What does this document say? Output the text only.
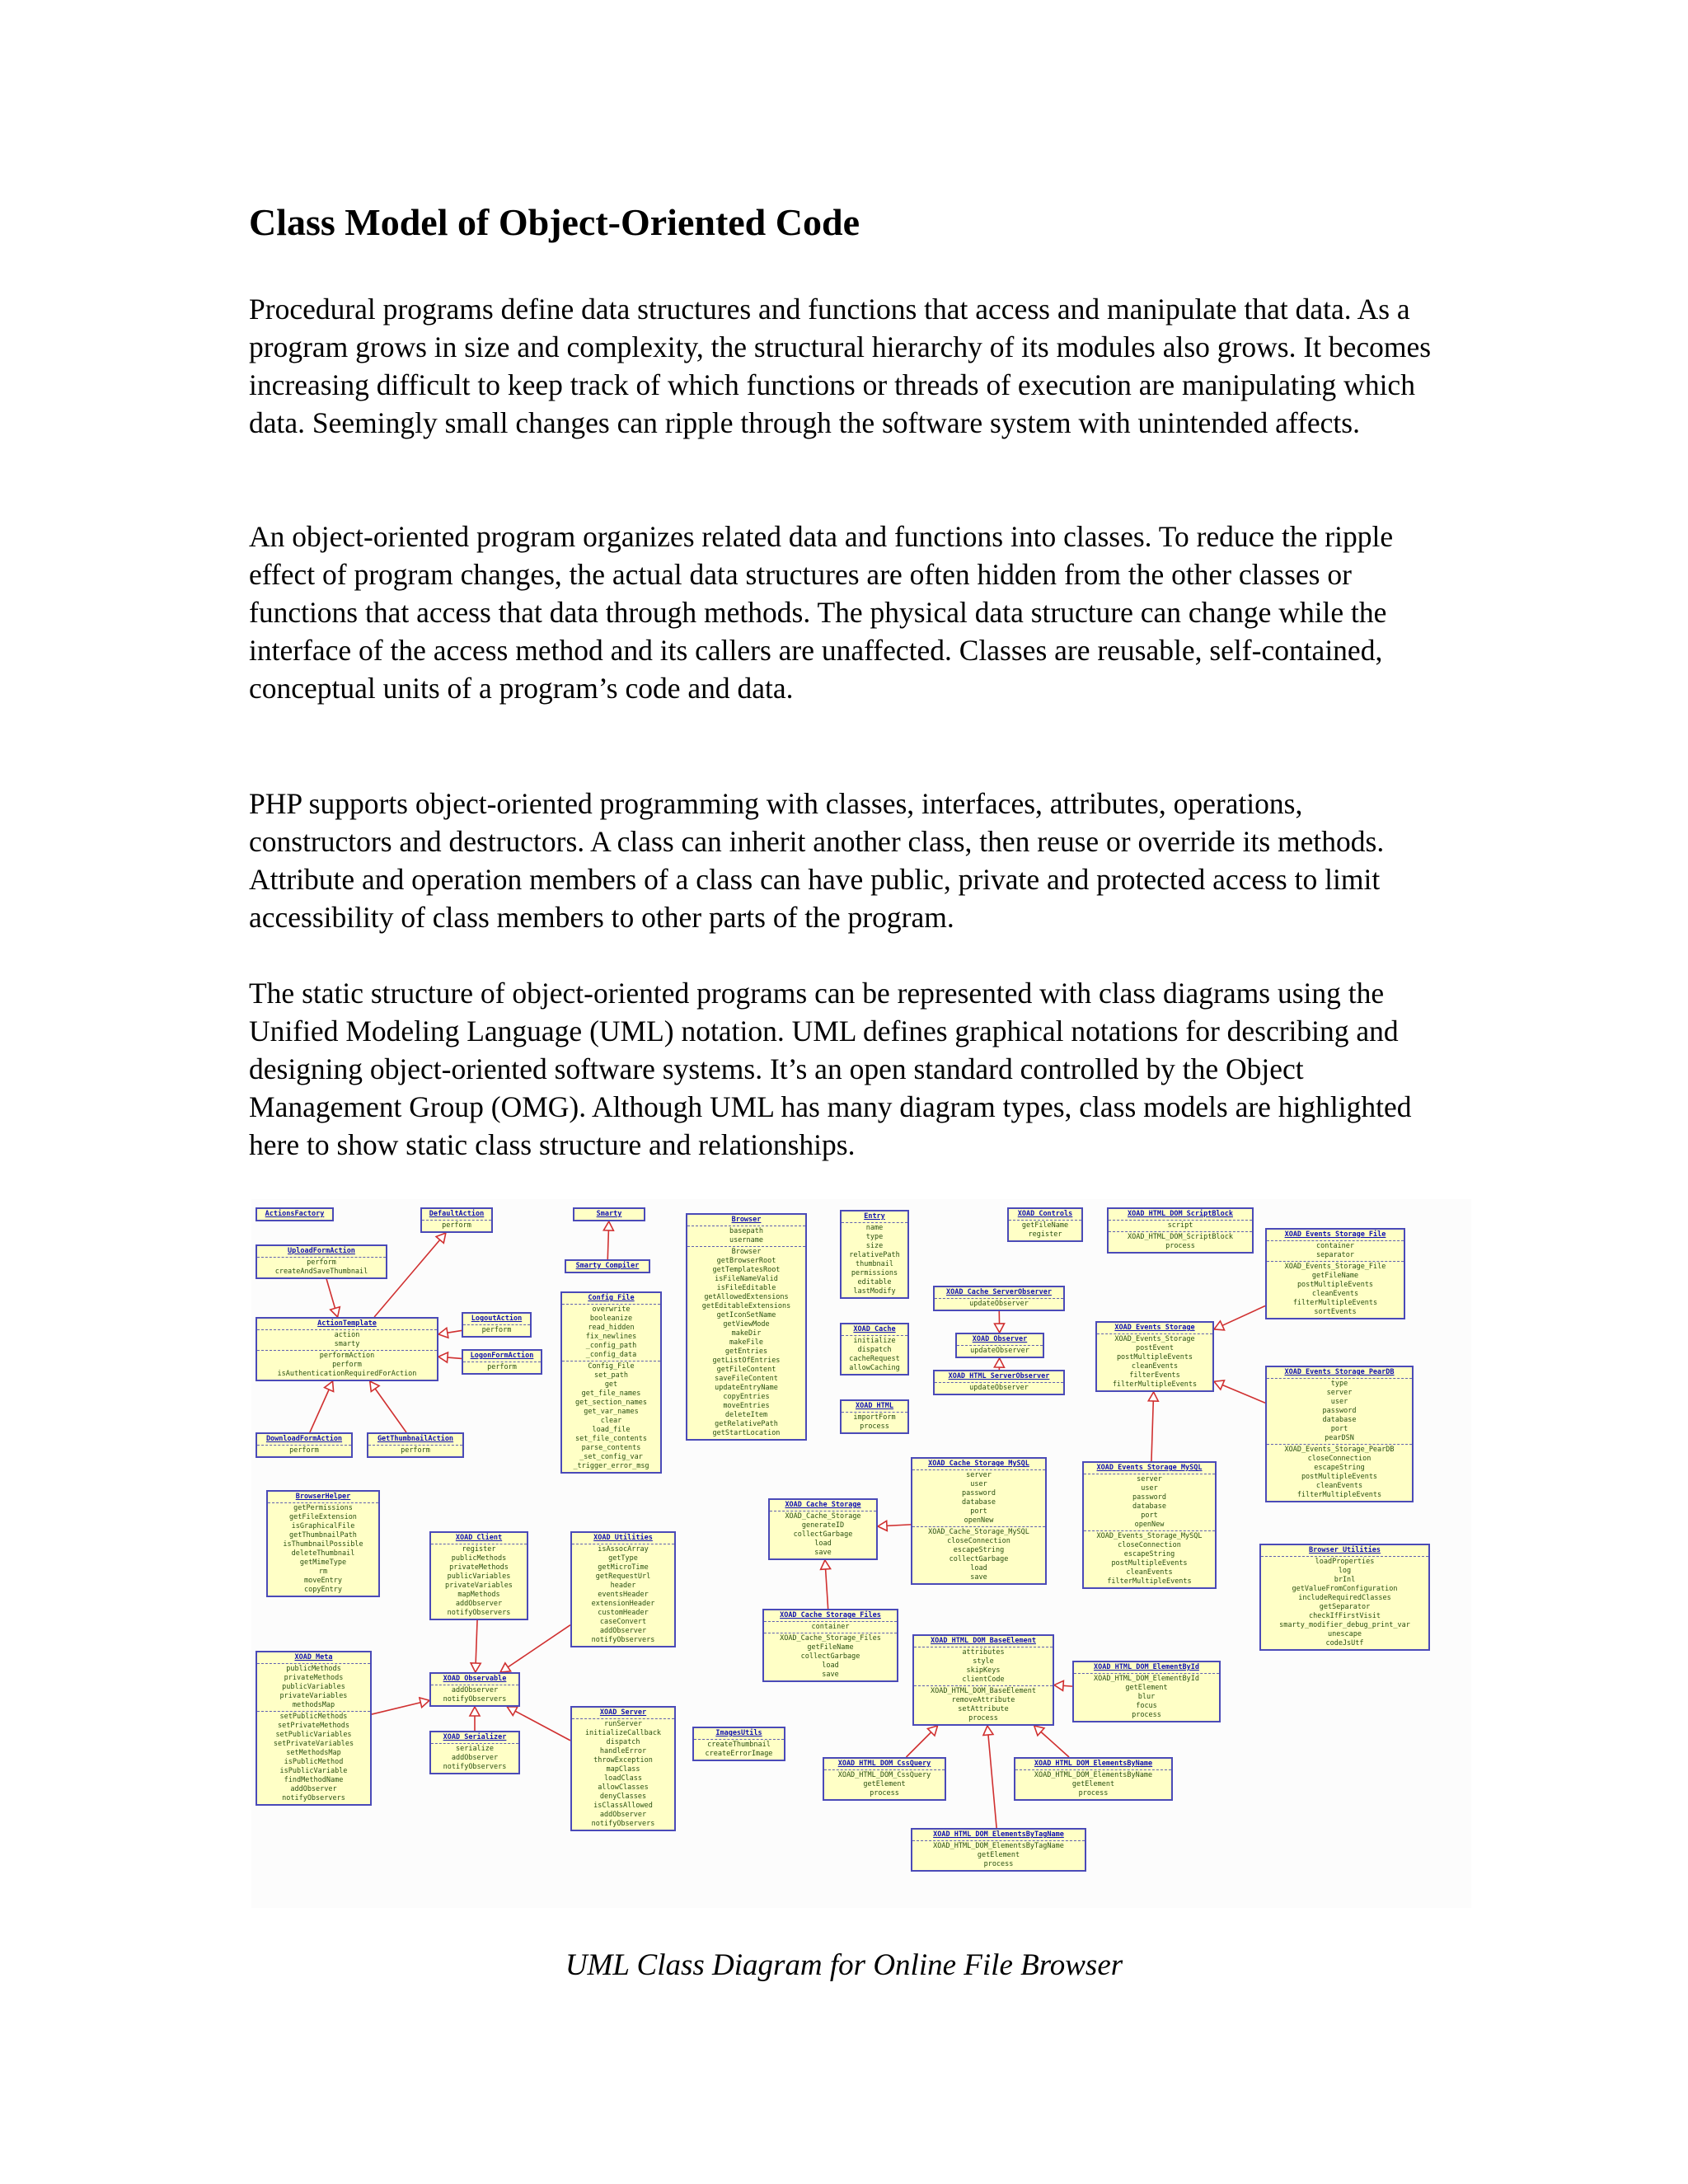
Class Model of Object-Oriented Code

Procedural programs define data structures and functions that access and manipulate that data. As a program grows in size and complexity, the structural hierarchy of its modules also grows. It becomes increasing difficult to keep track of which functions or threads of execution are manipulating which data. Seemingly small changes can ripple through the software system with unintended affects.

An object-oriented program organizes related data and functions into classes. To reduce the ripple effect of program changes, the actual data structures are often hidden from the other classes or functions that access that data through methods. The physical data structure can change while the interface of the access method and its callers are unaffected. Classes are reusable, self-contained, conceptual units of a program’s code and data.

PHP supports object-oriented programming with classes, interfaces, attributes, operations, constructors and destructors. A class can inherit another class, then reuse or override its methods. Attribute and operation members of a class can have public, private and protected access to limit accessibility of class members to other parts of the program.

The static structure of object-oriented programs can be represented with class diagrams using the Unified Modeling Language (UML) notation. UML defines graphical notations for describing and designing object-oriented software systems. It’s an open standard controlled by the Object Management Group (OMG). Although UML has many diagram types, class models are highlighted here to show static class structure and relationships.

ActionsFactory	DefaultAction
perform
UploadFormAction
perform
createAndSaveThumbnail
ActionTemplate
action
smarty
performAction
perform
isAuthenticationRequiredForAction
LogoutAction
perform
LogonFormAction
perform
DownloadFormAction
perform
GetThumbnailAction
perform
Smarty
Smarty_Compiler
Config_File
overwrite
booleanize
read_hidden
fix_newlines
_config_path
_config_data
Config_File
set_path
get
get_file_names
get_section_names
get_var_names
clear
load_file
set_file_contents
parse_contents
_set_config_var
_trigger_error_msg
Browser
basepath
username
Browser
getBrowserRoot
getTemplatesRoot
isFileNameValid
isFileEditable
getAllowedExtensions
getEditableExtensions
getIconSetName
getViewMode
makeDir
makeFile
getEntries
getListOfEntries
getFileContent
saveFileContent
updateEntryName
copyEntries
moveEntries
deleteItem
getRelativePath
getStartLocation
Entry
name
type
size
relativePath
thumbnail
permissions
editable
lastModify
XOAD_Cache
initialize
dispatch
cacheRequest
allowCaching
XOAD_HTML
importForm
process
XOAD_Controls
getFileName
register
XOAD_Cache_ServerObserver
updateObserver
XOAD_Observer
updateObserver
XOAD_HTML_ServerObserver
updateObserver
XOAD_HTML_DOM_ScriptBlock
script
XOAD_HTML_DOM_ScriptBlock
process
XOAD_Events_Storage_File
container
separator
XOAD_Events_Storage_File
getFileName
postMultipleEvents
cleanEvents
filterMultipleEvents
sortEvents
XOAD_Events_Storage
XOAD_Events_Storage
postEvent
postMultipleEvents
cleanEvents
filterEvents
filterMultipleEvents
XOAD_Events_Storage_PearDB
type
server
user
password
database
port
pearDSN
XOAD_Events_Storage_PearDB
closeConnection
escapeString
postMultipleEvents
cleanEvents
filterMultipleEvents
XOAD_Cache_Storage
XOAD_Cache_Storage
generateID
collectGarbage
load
save
XOAD_Cache_Storage_MySQL
server
user
password
database
port
openNew
XOAD_Cache_Storage_MySQL
closeConnection
escapeString
collectGarbage
load
save
XOAD_Events_Storage_MySQL
server
user
password
database
port
openNew
XOAD_Events_Storage_MySQL
closeConnection
escapeString
postMultipleEvents
cleanEvents
filterMultipleEvents
BrowserHelper
getPermissions
getFileExtension
isGraphicalFile
getThumbnailPath
isThumbnailPossible
deleteThumbnail
getMimeType
rm
moveEntry
copyEntry
XOAD_Client
register
publicMethods
privateMethods
publicVariables
privateVariables
mapMethods
addObserver
notifyObservers
XOAD_Utilities
isAssocArray
getType
getMicroTime
getRequestUrl
header
eventsHeader
extensionHeader
customHeader
caseConvert
addObserver
notifyObservers
XOAD_Cache_Storage_Files
container
XOAD_Cache_Storage_Files
getFileName
collectGarbage
load
save
Browser_Utilities
loadProperties
log
brInl
getValueFromConfiguration
includeRequiredClasses
getSeparator
checkIfFirstVisit
smarty_modifier_debug_print_var
unescape
codeJsUtf
XOAD_Meta
publicMethods
privateMethods
publicVariables
privateVariables
methodsMap
setPublicMethods
setPrivateMethods
setPublicVariables
setPrivateVariables
setMethodsMap
isPublicMethod
isPublicVariable
findMethodName
addObserver
notifyObservers
XOAD_Observable
addObserver
notifyObservers
XOAD_Serializer
serialize
addObserver
notifyObservers
XOAD_Server
runServer
initializeCallback
dispatch
handleError
throwException
mapClass
loadClass
allowClasses
denyClasses
isClassAllowed
addObserver
notifyObservers
ImagesUtils
createThumbnail
createErrorImage
XOAD_HTML_DOM_BaseElement
attributes
style
skipKeys
clientCode
XOAD_HTML_DOM_BaseElement
removeAttribute
setAttribute
process
XOAD_HTML_DOM_ElementById
XOAD_HTML_DOM_ElementById
getElement
blur
focus
process
XOAD_HTML_DOM_CssQuery
XOAD_HTML_DOM_CssQuery
getElement
process
XOAD_HTML_DOM_ElementsByName
XOAD_HTML_DOM_ElementsByName
getElement
process
XOAD_HTML_DOM_ElementsByTagName
XOAD_HTML_DOM_ElementsByTagName
getElement
process

UML Class Diagram for Online File Browser
